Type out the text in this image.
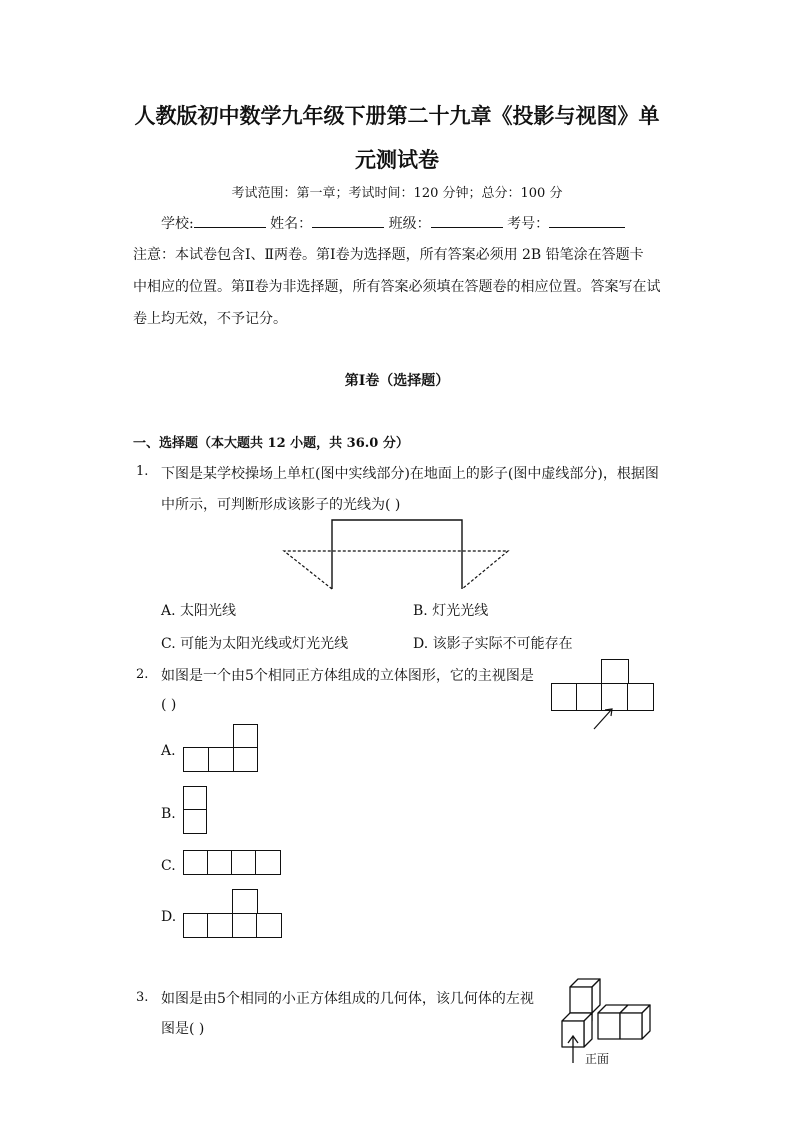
人教版初中数学九年级下册第二十九章《投影与视图》单
元测试卷
考试范围：第一章；考试时间：120 分钟；总分：100 分
学校:	姓名：	班级：	考号：
注意：本试卷包含Ⅰ、Ⅱ两卷。第Ⅰ卷为选择题，所有答案必须用 2B 铅笔涂在答题卡
中相应的位置。第Ⅱ卷为非选择题，所有答案必须填在答题卷的相应位置。答案写在试
卷上均无效，不予记分。
第Ⅰ卷（选择题）
一、选择题（本大题共 12 小题，共 36.0 分）
1. 下图是某学校操场上单杠(图中实线部分)在地面上的影子(图中虚线部分)，根据图
中所示，可判断形成该影子的光线为( )
A. 太阳光线	B. 灯光光线
C. 可能为太阳光线或灯光光线	D. 该影子实际不可能存在
2. 如图是一个由5个相同正方体组成的立体图形，它的主视图是
( )
A.
B.
C.
D.
3. 如图是由5个相同的小正方体组成的几何体，该几何体的左视
图是( )
正面
